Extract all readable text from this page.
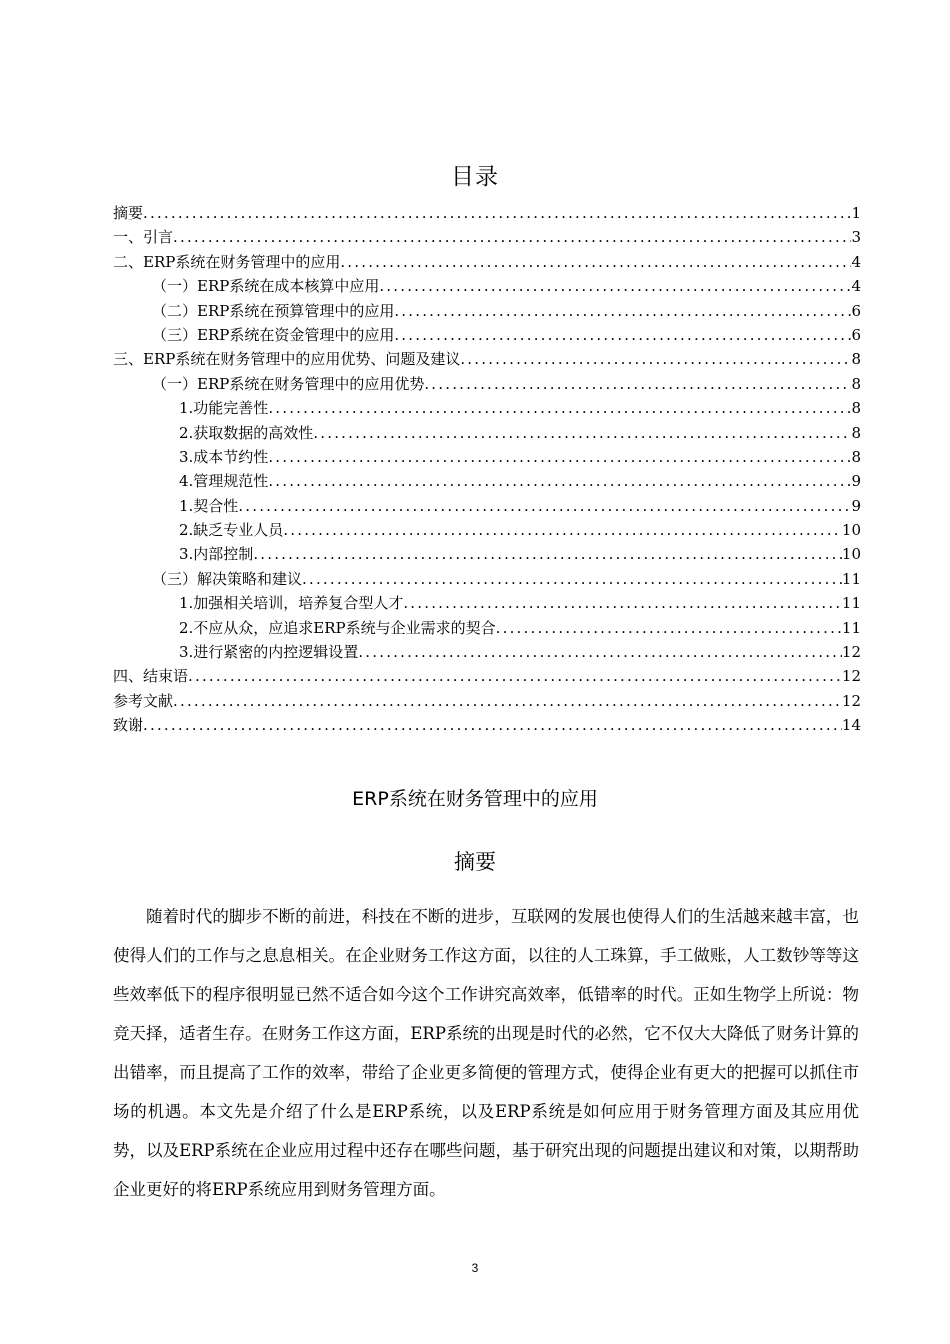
目录
摘要 .....	1
一、引言 .....	3
二、ERP系统在财务管理中的应用 .....	4
（一）ERP系统在成本核算中应用 .....	4
（二）ERP系统在预算管理中的应用 .....	6
（三）ERP系统在资金管理中的应用 .....	6
三、ERP系统在财务管理中的应用优势、问题及建议 .....	8
（一）ERP系统在财务管理中的应用优势 .....	8
1.功能完善性 .....	8
2.获取数据的高效性 .....	8
3.成本节约性 .....	8
4.管理规范性 .....	9
1.契合性 .....	9
2.缺乏专业人员 .....	10
3.内部控制 .....	10
（三）解决策略和建议 .....	11
1.加强相关培训，培养复合型人才 .....	11
2.不应从众，应追求ERP系统与企业需求的契合 .....	11
3.进行紧密的内控逻辑设置 .....	12
四、结束语 .....	12
参考文献 .....	12
致谢 .....	14
ERP系统在财务管理中的应用
摘要

随着时代的脚步不断的前进，科技在不断的进步，互联网的发展也使得人们的生活越来越丰富，也使得人们的工作与之息息相关。在企业财务工作这方面，以往的人工珠算，手工做账，人工数钞等等这些效率低下的程序很明显已然不适合如今这个工作讲究高效率，低错率的时代。正如生物学上所说：物竞天择，适者生存。在财务工作这方面，ERP系统的出现是时代的必然，它不仅大大降低了财务计算的出错率，而且提高了工作的效率，带给了企业更多简便的管理方式，使得企业有更大的把握可以抓住市场的机遇。本文先是介绍了什么是ERP系统，以及ERP系统是如何应用于财务管理方面及其应用优势，以及ERP系统在企业应用过程中还存在哪些问题，基于研究出现的问题提出建议和对策，以期帮助企业更好的将ERP系统应用到财务管理方面。

3
